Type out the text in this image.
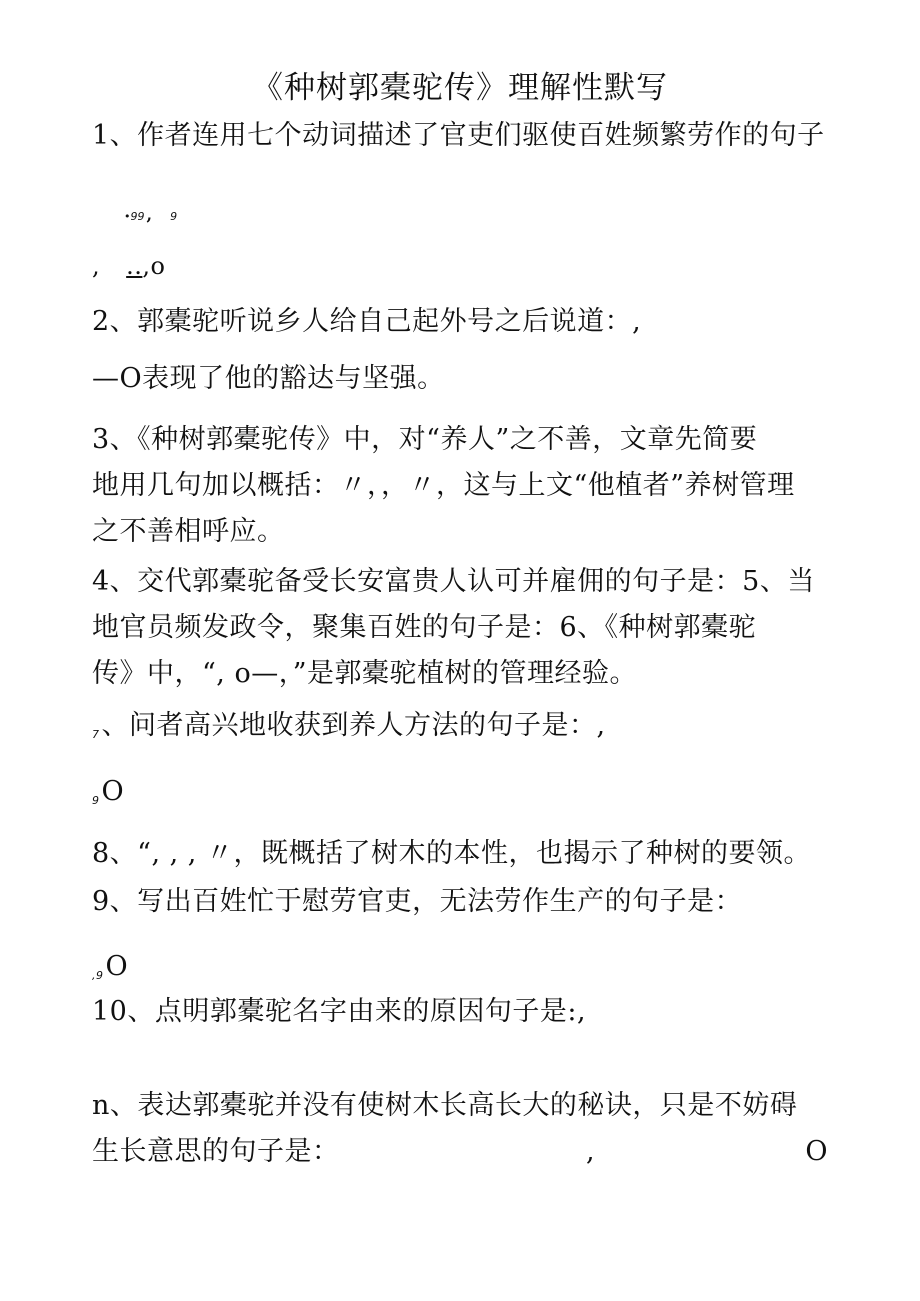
《种树郭橐驼传》理解性默写
1、作者连用七个动词描述了官吏们驱使百姓频繁劳作的句子
•99 , 9
, ..,o
2、郭橐驼听说乡人给自己起外号之后说道：,
—O表现了他的豁达与坚强。
3、《种树郭橐驼传》中，对“养人”之不善，文章先简要
地用几句加以概括：〃，，〃，这与上文“他植者”养树管理
之不善相呼应。
4、交代郭橐驼备受长安富贵人认可并雇佣的句子是：5、当
地官员频发政令，聚集百姓的句子是：6、《种树郭橐驼
传》中，“, o—，”是郭橐驼植树的管理经验。
$_7$、问者高兴地收获到养人方法的句子是：,
$_9$O
8、“, , , 〃，既概括了树木的本性，也揭示了种树的要领。
9、写出百姓忙于慰劳官吏，无法劳作生产的句子是：
$_{,9}$O
10、点明郭橐驼名字由来的原因句子是:,
n、表达郭橐驼并没有使树木长高长大的秘诀，只是不妨碍
生长意思的句子是：	,	O
